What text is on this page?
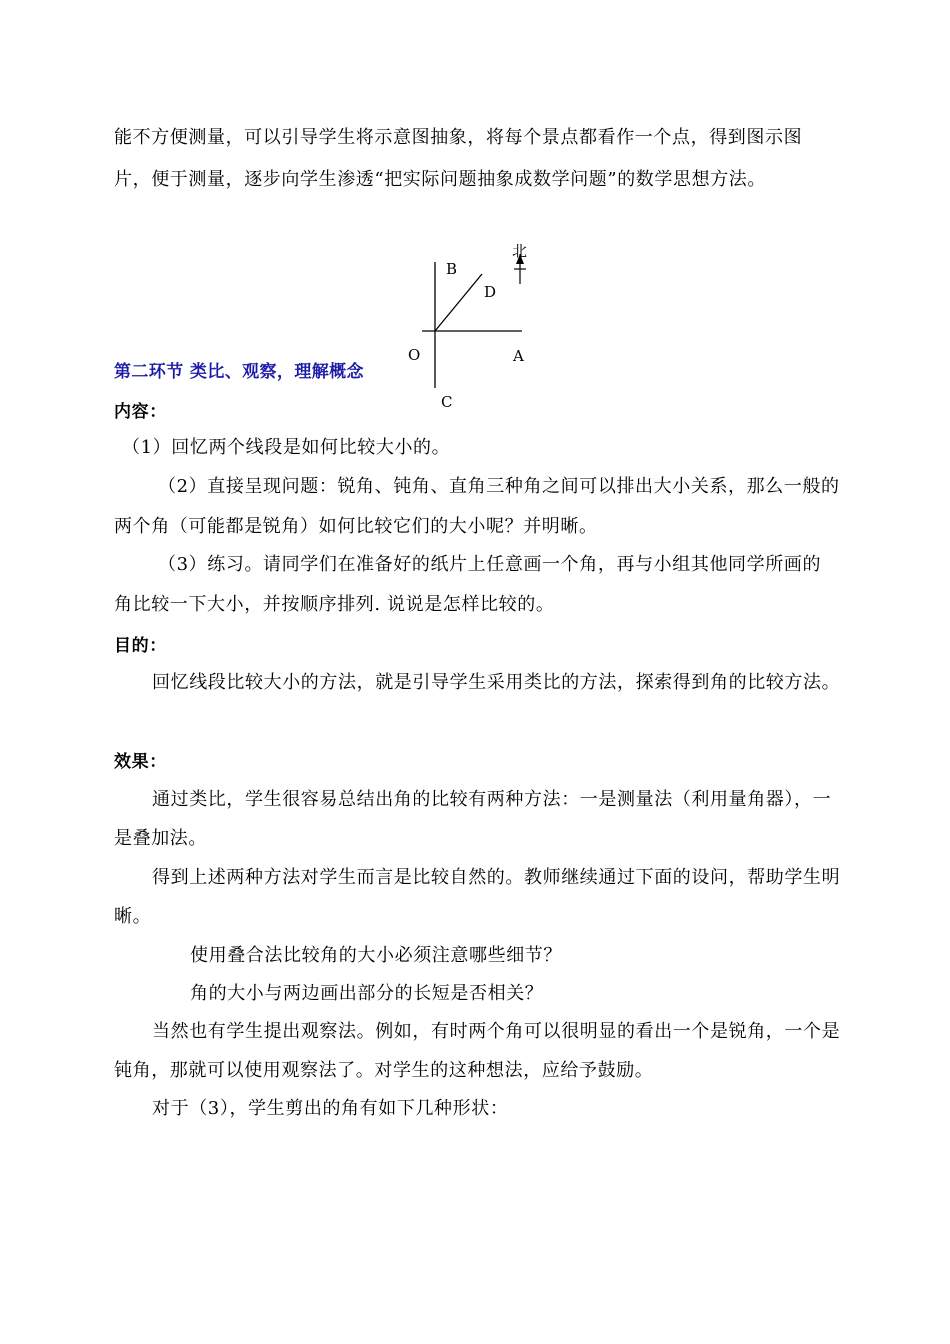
能不方便测量，可以引导学生将示意图抽象，将每个景点都看作一个点，得到图示图
片，便于测量，逐步向学生渗透“把实际问题抽象成数学问题”的数学思想方法。
北
B
D
O	A
C
第二环节 类比、观察，理解概念
内容：
（1）回忆两个线段是如何比较大小的。
（2）直接呈现问题：锐角、钝角、直角三种角之间可以排出大小关系，那么一般的
两个角（可能都是锐角）如何比较它们的大小呢？并明晰。
（3）练习。请同学们在准备好的纸片上任意画一个角，再与小组其他同学所画的
角比较一下大小，并按顺序排列. 说说是怎样比较的。
目的：
回忆线段比较大小的方法，就是引导学生采用类比的方法，探索得到角的比较方法。
效果：
通过类比，学生很容易总结出角的比较有两种方法：一是测量法（利用量角器），一
是叠加法。
得到上述两种方法对学生而言是比较自然的。教师继续通过下面的设问，帮助学生明
晰。
使用叠合法比较角的大小必须注意哪些细节？
角的大小与两边画出部分的长短是否相关？
当然也有学生提出观察法。例如，有时两个角可以很明显的看出一个是锐角，一个是
钝角，那就可以使用观察法了。对学生的这种想法，应给予鼓励。
对于（3），学生剪出的角有如下几种形状：
